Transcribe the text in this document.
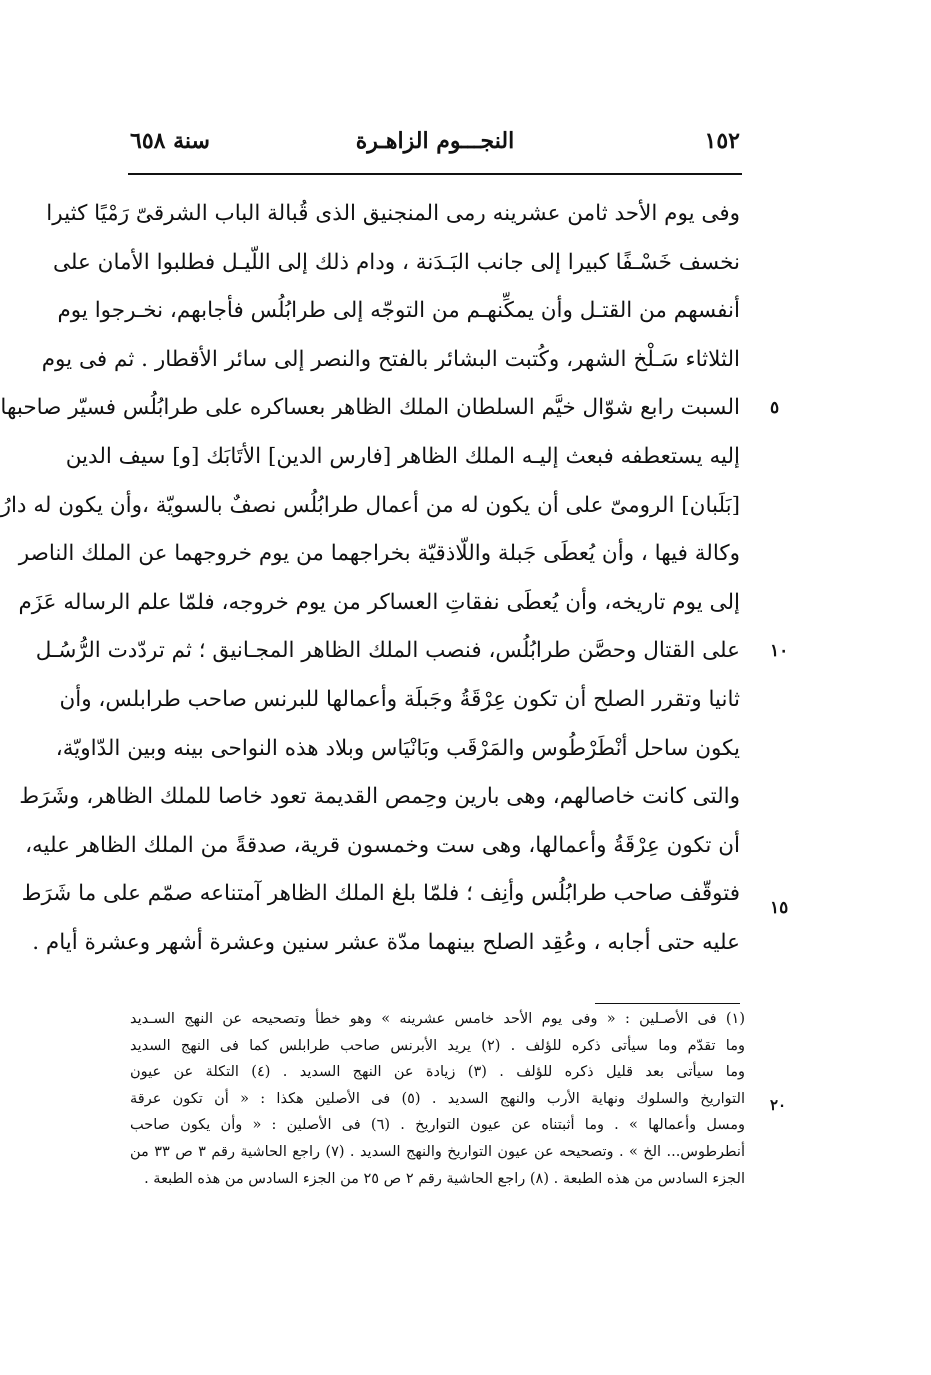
١٥٢
النجـــوم الزاهـرة
سنة ٦٥٨
وفى يوم الأحد ثامن عشرينه رمى المنجنيق الذى قُبالة الباب الشرقىّ رَمْيًا كثيرا
نخسف خَسْـفًا كبيرا إلى جانب البَـدَنة ، ودام ذلك إلى اللّيـل فطلبوا الأمان على
أنفسهم من القتـل وأن يمكِّنهـم من التوجّه إلى طرابُلُس فأجابهم، نخـرجوا يوم
الثلاثاء سَـلْخ الشهر، وكُتبت البشائر بالفتح والنصر إلى سائر الأقطار . ثم فى يوم
السبت رابع شوّال خيَّم السلطان الملك الظاهر بعساكره على طرابُلُس فسيّر صاحبها
إليه يستعطفه فبعث إليـه الملك الظاهر [فارس الدين] الأتَابَك [و] سيف الدين
[بَلَبان] الرومىّ على أن يكون له من أعمال طرابُلُس نصفٌ بالسويّة ،وأن يكون له دارُ
وكالة فيها ، وأن يُعطَى جَبلة واللّاذقيّة بخراجهما من يوم خروجهما عن الملك الناصر
إلى يوم تاريخه، وأن يُعطَى نفقاتِ العساكر من يوم خروجه، فلمّا علم الرساله عَزَم
على القتال وحصَّن طرابُلُس، فنصب الملك الظاهر المجـانيق ؛ ثم تردّدت الرُّسُـل
ثانيا وتقرر الصلح أن تكون عِرْقَةُ وجَبلَة وأعمالها للبرنس صاحب طرابلس، وأن
يكون ساحل أنْطَرْطُوس والمَرْقَب وبَانْيَاس وبلاد هذه النواحى بينه وبين الدّاويّة،
والتى كانت خاصالهم، وهى بارين وحِمص القديمة تعود خاصا للملك الظاهر، وشَرَط
أن تكون عِرْقَةُ وأعمالها، وهى ست وخمسون قرية، صدقةً من الملك الظاهر عليه،
فتوقّف صاحب طرابُلُس وأنِف ؛ فلمّا بلغ الملك الظاهر آمتناعه صمّم على ما شَرَط
عليه حتى أجابه ، وعُقِد الصلح بينهما مدّة عشر سنين وعشرة أشهر وعشرة أيام .
٥
١٠
١٥
(١) فى الأصـلين : « وفى يوم الأحد خامس عشرينه » وهو خطأ وتصحيحه عن النهج السـديد
وما تقدّم وما سيأتى ذكره للؤلف . (٢) يريد الأبرنس صاحب طرابلس كما فى النهج السديد
وما سيأتى بعد قليل ذكره للؤلف . (٣) زيادة عن النهج السديد . (٤) التكلة عن عيون
التواريخ والسلوك ونهاية الأرب والنهج السديد . (٥) فى الأصلين هكذا : « أن تكون عرقة
ومسل وأعمالها » . وما أثبتناه عن عيون التواريخ . (٦) فى الأصلين : « وأن يكون صاحب
أنطرطوس... الخ » . وتصحيحه عن عيون التواريخ والنهج السديد . (٧) راجع الحاشية رقم ٣ ص ٣٣ من
الجزء السادس من هذه الطبعة . (٨) راجع الحاشية رقم ٢ ص ٢٥ من الجزء السادس من هذه الطبعة .
٢٠
